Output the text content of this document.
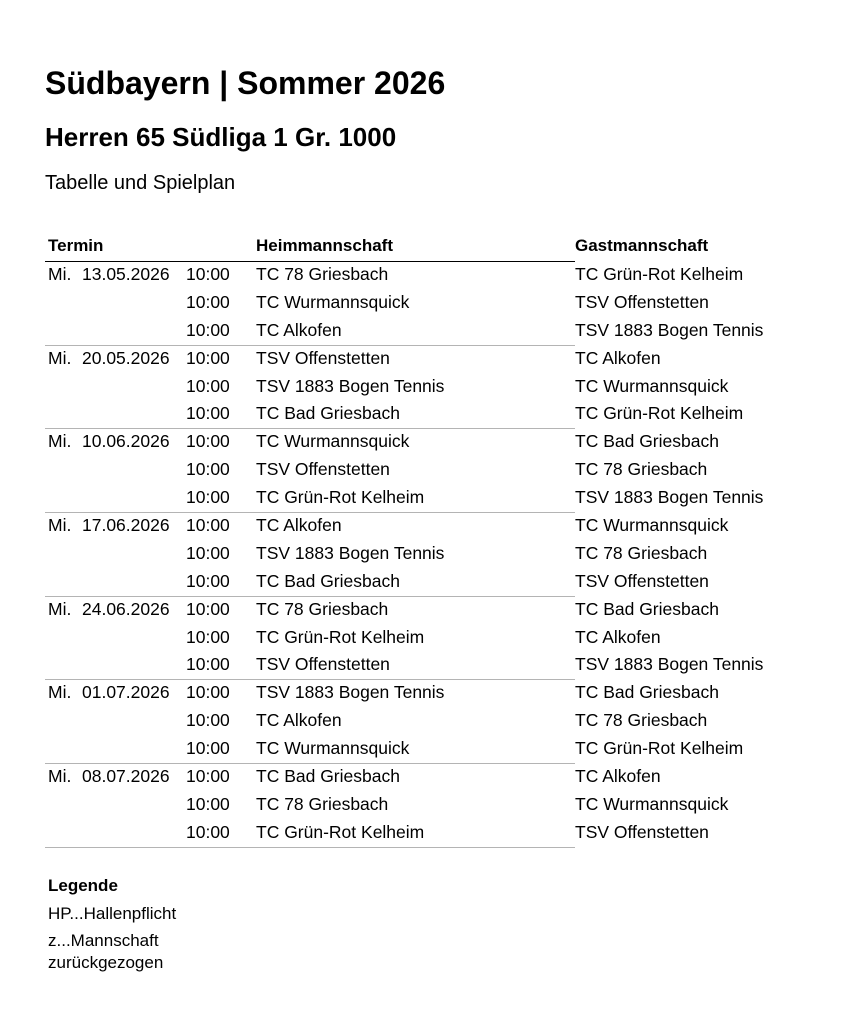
Südbayern | Sommer 2026
Herren 65 Südliga 1 Gr. 1000

Tabelle und Spielplan

Termin	Heimmannschaft	Gastmannschaft
Mi. 13.05.2026 10:00 TC 78 Griesbach	TC Grün-Rot Kelheim
10:00 TC Wurmannsquick	TSV Offenstetten
10:00 TC Alkofen	TSV 1883 Bogen Tennis
Mi. 20.05.2026 10:00 TSV Offenstetten	TC Alkofen
10:00 TSV 1883 Bogen Tennis	TC Wurmannsquick
10:00 TC Bad Griesbach	TC Grün-Rot Kelheim
Mi. 10.06.2026 10:00 TC Wurmannsquick	TC Bad Griesbach
10:00 TSV Offenstetten	TC 78 Griesbach
10:00 TC Grün-Rot Kelheim	TSV 1883 Bogen Tennis
Mi. 17.06.2026 10:00 TC Alkofen	TC Wurmannsquick
10:00 TSV 1883 Bogen Tennis	TC 78 Griesbach
10:00 TC Bad Griesbach	TSV Offenstetten
Mi. 24.06.2026 10:00 TC 78 Griesbach	TC Bad Griesbach
10:00 TC Grün-Rot Kelheim	TC Alkofen
10:00 TSV Offenstetten	TSV 1883 Bogen Tennis
Mi. 01.07.2026 10:00 TSV 1883 Bogen Tennis	TC Bad Griesbach
10:00 TC Alkofen	TC 78 Griesbach
10:00 TC Wurmannsquick	TC Grün-Rot Kelheim
Mi. 08.07.2026 10:00 TC Bad Griesbach	TC Alkofen
10:00 TC 78 Griesbach	TC Wurmannsquick
10:00 TC Grün-Rot Kelheim	TSV Offenstetten
Legende
HP...Hallenpflicht
z...Mannschaft zurückgezogen
